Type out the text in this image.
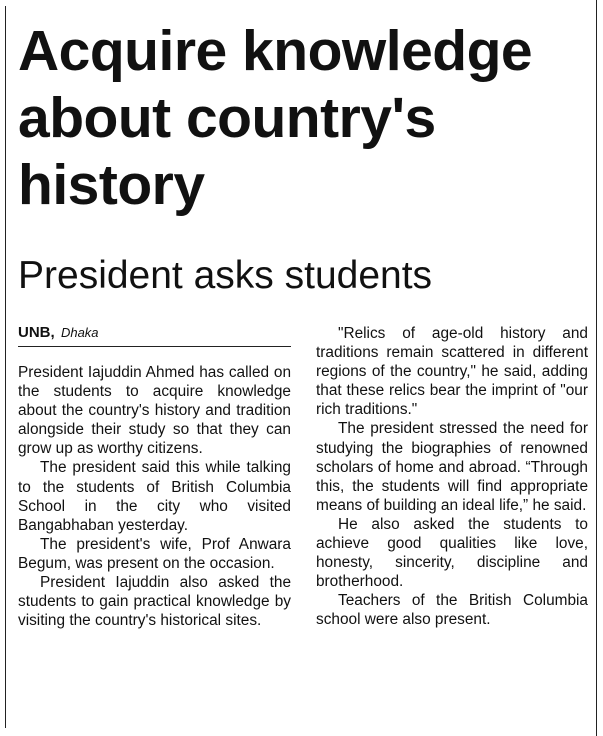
Acquire knowledge about country's history
President asks students
UNB, Dhaka

President Iajuddin Ahmed has called on the students to acquire knowledge about the country's history and tradition alongside their study so that they can grow up as worthy citizens.

The president said this while talking to the students of British Columbia School in the city who visited Bangabhaban yesterday.

The president's wife, Prof Anwara Begum, was present on the occasion.

President Iajuddin also asked the students to gain practical knowledge by visiting the country's historical sites.

"Relics of age-old history and traditions remain scattered in different regions of the country," he said, adding that these relics bear the imprint of "our rich traditions."

The president stressed the need for studying the biographies of renowned scholars of home and abroad. “Through this, the students will find appropriate means of building an ideal life,” he said.

He also asked the students to achieve good qualities like love, honesty, sincerity, discipline and brotherhood.

Teachers of the British Columbia school were also present.
